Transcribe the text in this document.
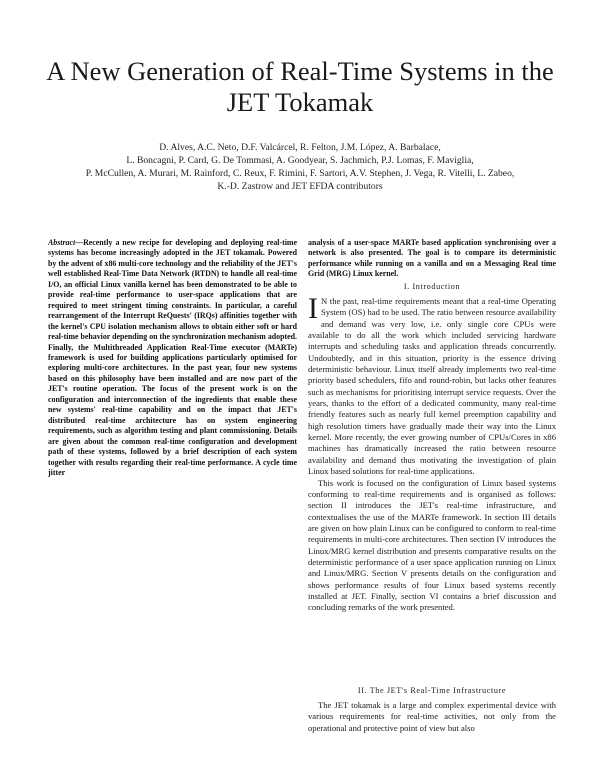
A New Generation of Real-Time Systems in the JET Tokamak
D. Alves, A.C. Neto, D.F. Valcárcel, R. Felton, J.M. López, A. Barbalace,
L. Boncagni, P. Card, G. De Tommasi, A. Goodyear, S. Jachmich, P.J. Lomas, F. Maviglia,
P. McCullen, A. Murari, M. Rainford, C. Reux, F. Rimini, F. Sartori, A.V. Stephen, J. Vega, R. Vitelli, L. Zabeo,
K.-D. Zastrow and JET EFDA contributors
Abstract—Recently a new recipe for developing and deploying real-time systems has become increasingly adopted in the JET tokamak. Powered by the advent of x86 multi-core technology and the reliability of the JET's well established Real-Time Data Network (RTDN) to handle all real-time I/O, an official Linux vanilla kernel has been demonstrated to be able to provide real-time performance to user-space applications that are required to meet stringent timing constraints. In particular, a careful rearrangement of the Interrupt ReQuests' (IRQs) affinities together with the kernel's CPU isolation mechanism allows to obtain either soft or hard real-time behavior depending on the synchronization mechanism adopted. Finally, the Multithreaded Application Real-Time executor (MARTe) framework is used for building applications particularly optimised for exploring multi-core architectures. In the past year, four new systems based on this philosophy have been installed and are now part of the JET's routine operation. The focus of the present work is on the configuration and interconnection of the ingredients that enable these new systems' real-time capability and on the impact that JET's distributed real-time architecture has on system engineering requirements, such as algorithm testing and plant commissioning. Details are given about the common real-time configuration and development path of these systems, followed by a brief description of each system together with results regarding their real-time performance. A cycle time jitter

analysis of a user-space MARTe based application synchronising over a network is also presented. The goal is to compare its deterministic performance while running on a vanilla and on a Messaging Real time Grid (MRG) Linux kernel.

I. Introduction

I N the past, real-time requirements meant that a real-time Operating System (OS) had to be used. The ratio between resource availability and demand was very low, i.e. only single core CPUs were available to do all the work which included servicing hardware interrupts and scheduling tasks and application threads concurrently. Undoubtedly, and in this situation, priority is the essence driving deterministic behaviour. Linux itself already implements two real-time priority based schedulers, fifo and round-robin, but lacks other features such as mechanisms for prioritising interrupt service requests. Over the years, thanks to the effort of a dedicated community, many real-time friendly features such as nearly full kernel preemption capability and high resolution timers have gradually made their way into the Linux kernel. More recently, the ever growing number of CPUs/Cores in x86 machines has dramatically increased the ratio between resource availability and demand thus motivating the investigation of plain Linux based solutions for real-time applications.

This work is focused on the configuration of Linux based systems conforming to real-time requirements and is organised as follows: section II introduces the JET's real-time infrastructure, and contextualises the use of the MARTe framework. In section III details are given on how plain Linux can be configured to conform to real-time requirements in multi-core architectures. Then section IV introduces the Linux/MRG kernel distribution and presents comparative results on the deterministic performance of a user space application running on Linux and Linux/MRG. Section V presents details on the configuration and shows performance results of four Linux based systems recently installed at JET. Finally, section VI contains a brief discussion and concluding remarks of the work presented.

II. The JET's Real-Time Infrastructure

The JET tokamak is a large and complex experimental device with various requirements for real-time activities, not only from the operational and protective point of view but also
